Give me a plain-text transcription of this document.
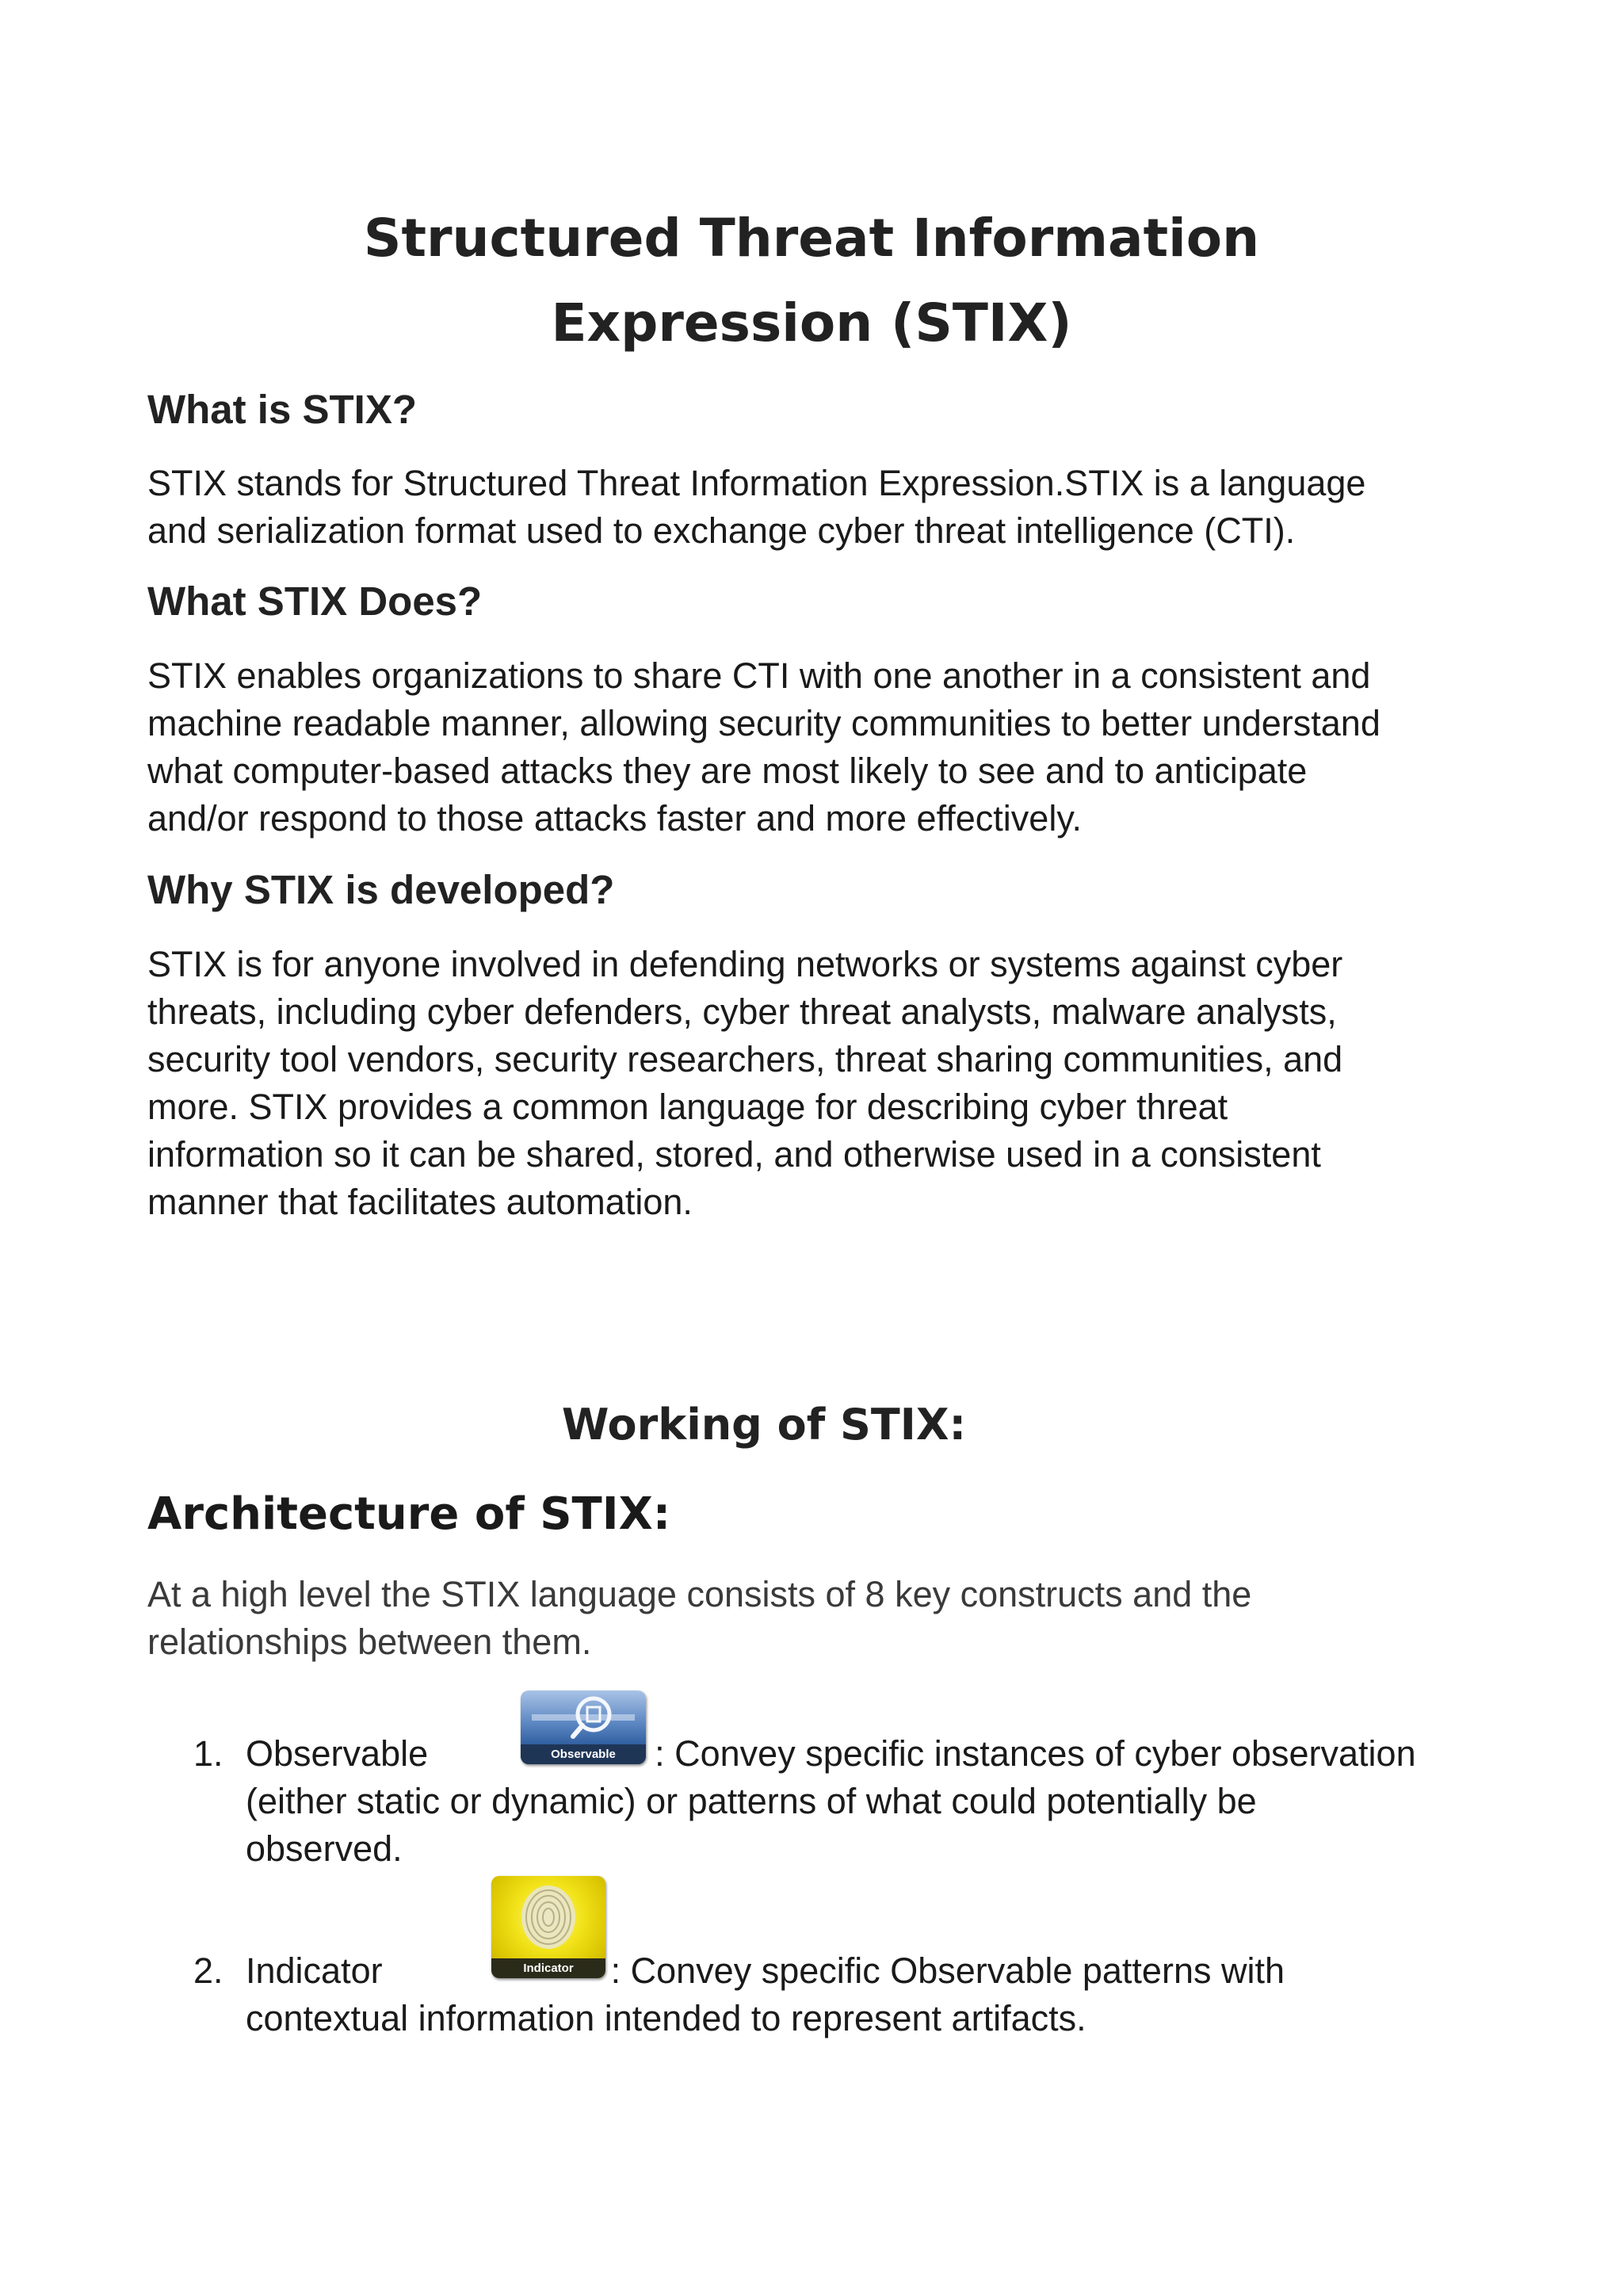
Structured Threat Information
Expression (STIX)
What is STIX?
STIX stands for Structured Threat Information Expression.STIX is a language
and serialization format used to exchange cyber threat intelligence (CTI).
What STIX Does?
STIX enables organizations to share CTI with one another in a consistent and
machine readable manner, allowing security communities to better understand
what computer-based attacks they are most likely to see and to anticipate
and/or respond to those attacks faster and more effectively.
Why STIX is developed?
STIX is for anyone involved in defending networks or systems against cyber
threats, including cyber defenders, cyber threat analysts, malware analysts,
security tool vendors, security researchers, threat sharing communities, and
more. STIX provides a common language for describing cyber threat
information so it can be shared, stored, and otherwise used in a consistent
manner that facilitates automation.
Working of STIX:
Architecture of STIX:
At a high level the STIX language consists of 8 key constructs and the
relationships between them.
1. Observable	: Convey specific instances of cyber observation
(either static or dynamic) or patterns of what could potentially be
observed.
Observable
2. Indicator	: Convey specific Observable patterns with
contextual information intended to represent artifacts.
Indicator
